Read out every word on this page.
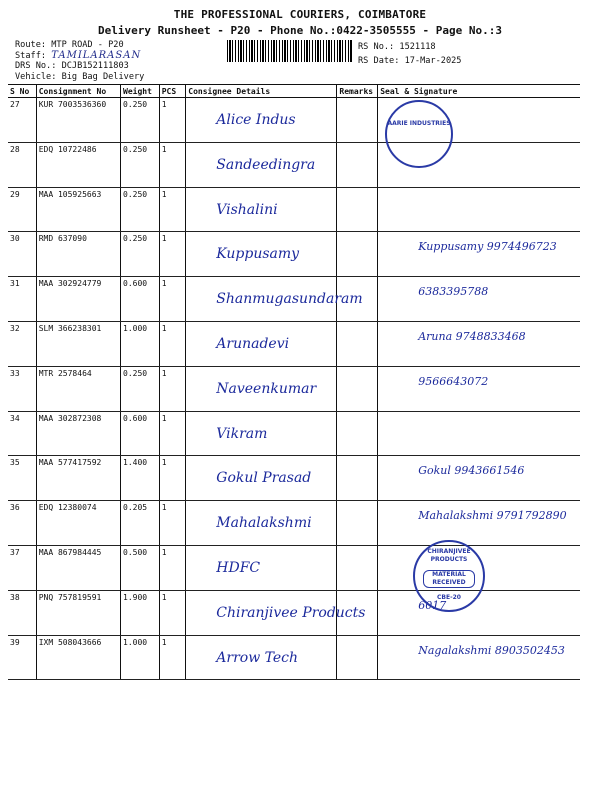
THE PROFESSIONAL COURIERS, COIMBATORE
Delivery Runsheet - P20 - Phone No.:0422-3505555 - Page No.:3
Route: MTP ROAD - P20
Staff: TAMILARASAN
DRS No.: DCJB152111803
Vehicle: Big Bag Delivery
RS No.: 1521118
RS Date: 17-Mar-2025
S No	Consignment No	Weight	PCS	Consignee Details	Remarks	Seal & Signature
27	KUR 7003536360	0.250	1	Alice Indus		

28	EDQ 10722486	0.250	1	Sandeedingra		

29	MAA 105925663	0.250	1	Vishalini		

30	RMD 637090	0.250	1	Kuppusamy		Kuppusamy 9974496723

31	MAA 302924779	0.600	1	Shanmugasundaram		6383395788

32	SLM 366238301	1.000	1	Arunadevi		Aruna 9748833468

33	MTR 2578464	0.250	1	Naveenkumar		9566643072

34	MAA 302872308	0.600	1	Vikram		

35	MAA 577417592	1.400	1	Gokul Prasad		Gokul 9943661546

36	EDQ 12380074	0.205	1	Mahalakshmi		Mahalakshmi 9791792890

37	MAA 867984445	0.500	1	HDFC		

38	PNQ 757819591	1.900	1	Chiranjivee Products		6017

39	IXM 508043666	1.000	1	Arrow Tech		Nagalakshmi 8903502453
AARIE INDUSTRIES
CHIRANJIVEE PRODUCTS
MATERIAL RECEIVED
CBE-20
